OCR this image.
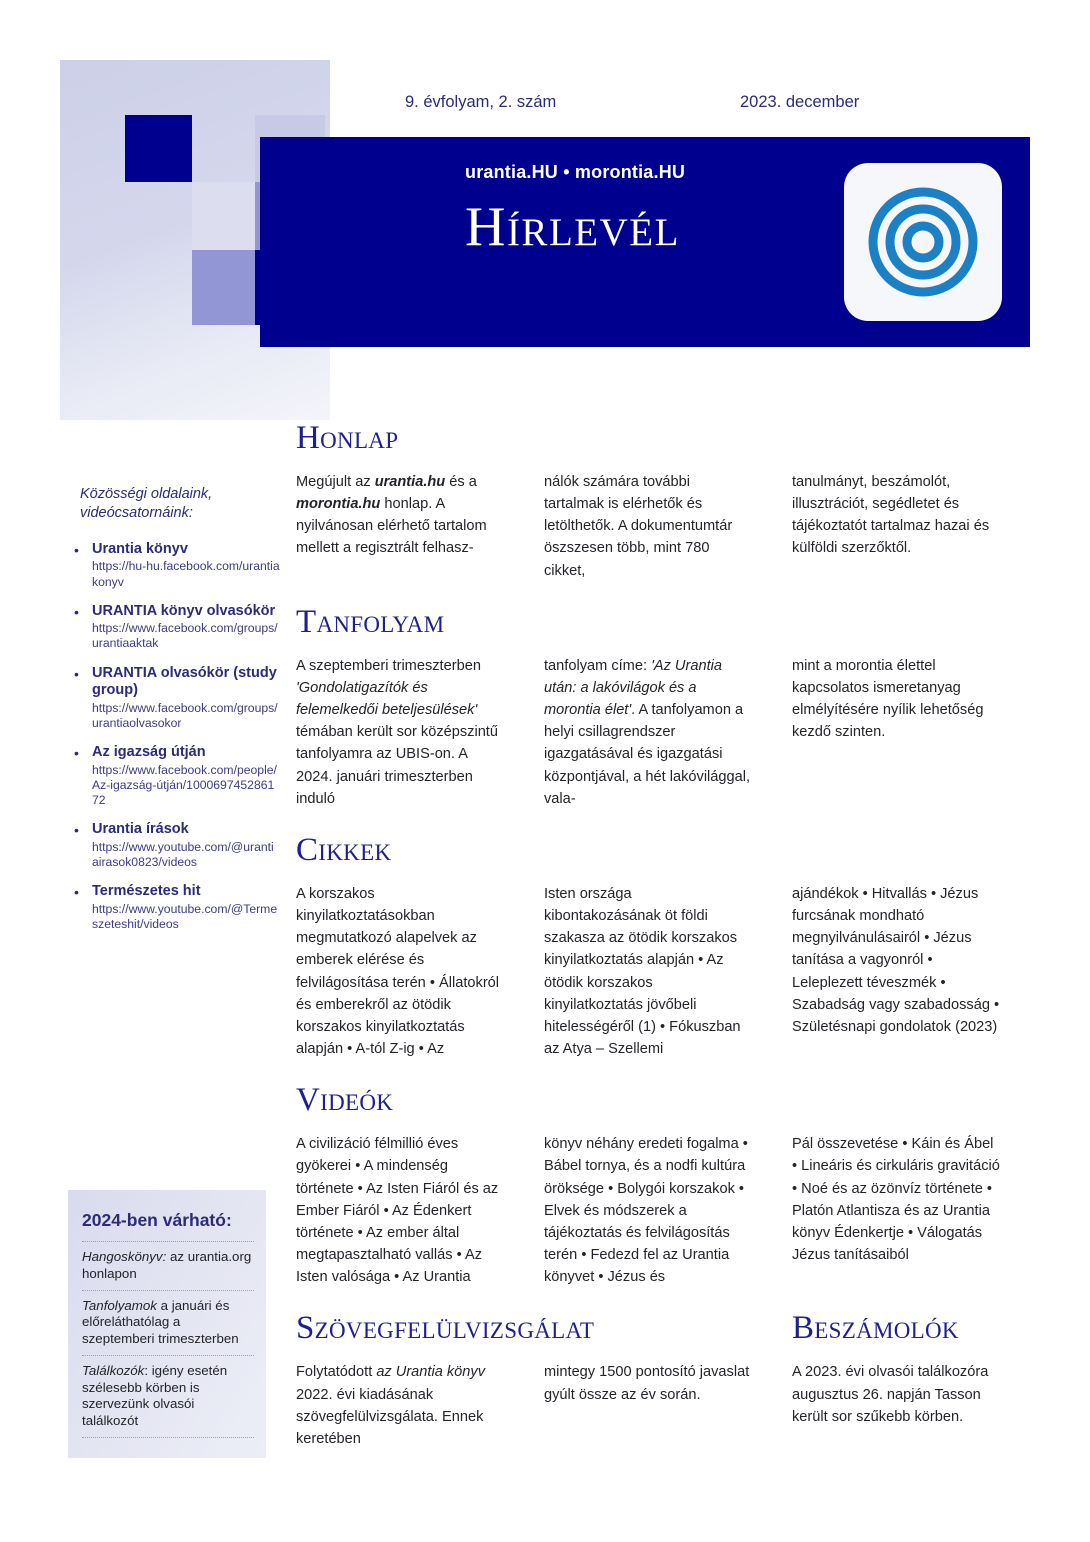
9. évfolyam, 2. szám	2023. december
urantia.HU • morontia.HU
Hírlevél
Közösségi oldalaink, videócsatornáink:
• Urantia könyv
https://hu-hu.facebook.com/urantiakonyv
• URANTIA könyv olvasókör
https://www.facebook.com/groups/urantiaaktak
• URANTIA olvasókör (study group)
https://www.facebook.com/groups/urantiaolvasokor
• Az igazság útján
https://www.facebook.com/people/Az-igazság-útján/100069745286172
• Urantia írások
https://www.youtube.com/@urantiairasok0823/videos
• Természetes hit
https://www.youtube.com/@Termeszeteshit/videos
2024-ben várható:
Hangoskönyv: az urantia.org honlapon
Tanfolyamok a januári és előreláthatólag a szeptemberi trimeszterben
Találkozók: igény esetén szélesebb körben is szervezünk olvasói találkozót
Honlap

Megújult az urantia.hu és a morontia.hu honlap. A nyilvánosan elérhető tartalom mellett a regisztrált felhasz-

nálók számára további tartalmak is elérhetők és letölthetők. A dokumentumtár öszszesen több, mint 780 cikket,

tanulmányt, beszámolót, illusztrációt, segédletet és tájékoztatót tartalmaz hazai és külföldi szerzőktől.

Tanfolyam

A szeptemberi trimeszterben 'Gondolatigazítók és felemelkedői beteljesülések' témában került sor középszintű tanfolyamra az UBIS-on. A 2024. januári trimeszterben induló

tanfolyam címe: 'Az Urantia után: a lakóvilágok és a morontia élet'. A tanfolyamon a helyi csillagrendszer igazgatásával és igazgatási központjával, a hét lakóvilággal, vala-

mint a morontia élettel kapcsolatos ismeretanyag elmélyítésére nyílik lehetőség kezdő szinten.

Cikkek

A korszakos kinyilatkoztatásokban megmutatkozó alapelvek az emberek elérése és felvilágosítása terén • Állatokról és emberekről az ötödik korszakos kinyilatkoztatás alapján • A-tól Z-ig • Az

Isten országa kibontakozásának öt földi szakasza az ötödik korszakos kinyilatkoztatás alapján • Az ötödik korszakos kinyilatkoztatás jövőbeli hitelességéről (1) • Fókuszban az Atya – Szellemi

ajándékok • Hitvallás • Jézus furcsának mondható megnyilvánulásairól • Jézus tanítása a vagyonról • Leleplezett téveszmék • Szabadság vagy szabadosság • Születésnapi gondolatok (2023)

Videók

A civilizáció félmillió éves gyökerei • A mindenség története • Az Isten Fiáról és az Ember Fiáról • Az Édenkert története • Az ember által megtapasztalható vallás • Az Isten valósága • Az Urantia

könyv néhány eredeti fogalma • Bábel tornya, és a nodfi kultúra öröksége • Bolygói korszakok • Elvek és módszerek a tájékoztatás és felvilágosítás terén • Fedezd fel az Urantia könyvet • Jézus és

Pál összevetése • Káin és Ábel • Lineáris és cirkuláris gravitáció • Noé és az özönvíz története • Platón Atlantisza és az Urantia könyv Édenkertje • Válogatás Jézus tanításaiból

Szövegfelülvizsgálat

Folytatódott az Urantia könyv 2022. évi kiadásának szövegfelülvizsgálata. Ennek keretében

mintegy 1500 pontosító javaslat gyúlt össze az év során.

Beszámolók

A 2023. évi olvasói találkozóra augusztus 26. napján Tasson került sor szűkebb körben.
